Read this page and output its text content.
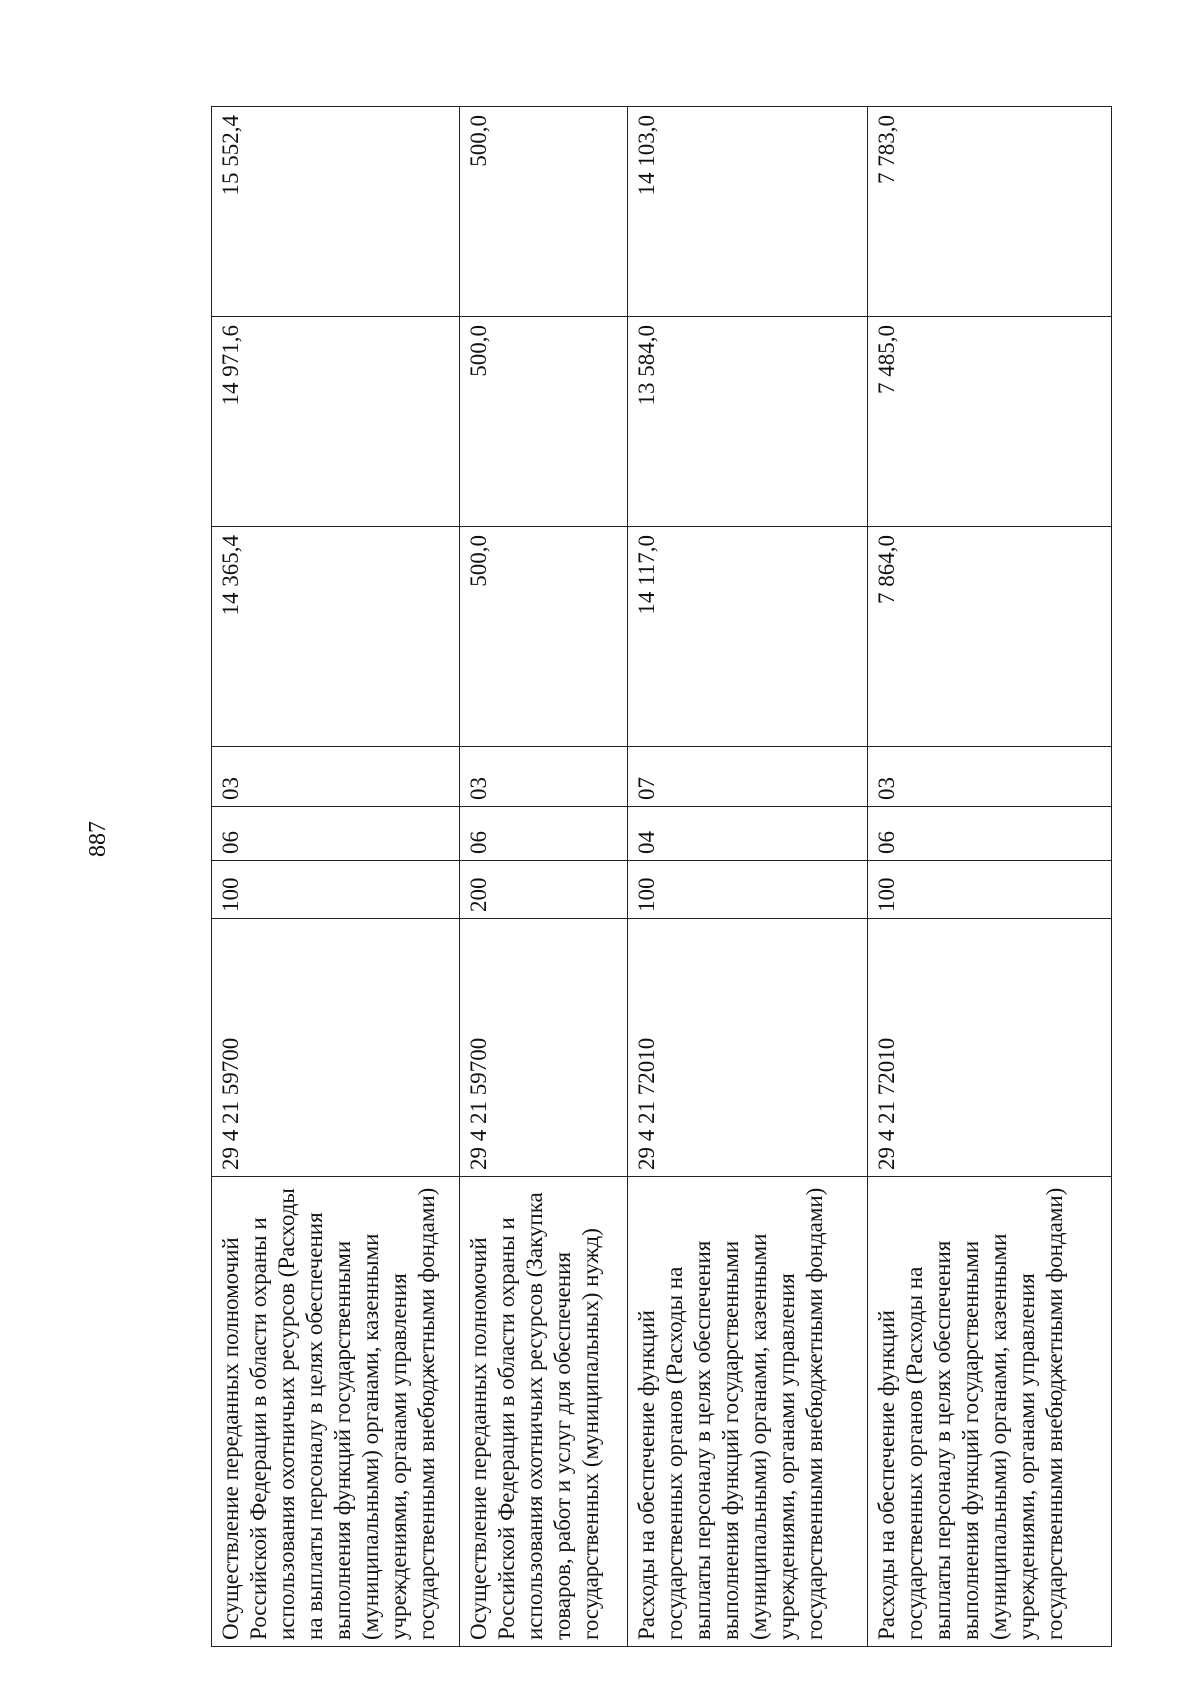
887
Осуществление переданных полномочий Российской Федерации в области охраны и использования охотничьих ресурсов (Расходы на выплаты персоналу в целях обеспечения выполнения функций государственными (муниципальными) органами, казенными учреждениями, органами управления государственными внебюджетными фондами)	29 4 21 59700	100	06	03	14 365,4	14 971,6	15 552,4
Осуществление переданных полномочий Российской Федерации в области охраны и использования охотничьих ресурсов (Закупка товаров, работ и услуг для обеспечения государственных (муниципальных) нужд)	29 4 21 59700	200	06	03	500,0	500,0	500,0
Расходы на обеспечение функций государственных органов (Расходы на выплаты персоналу в целях обеспечения выполнения функций государственными (муниципальными) органами, казенными учреждениями, органами управления государственными внебюджетными фондами)	29 4 21 72010	100	04	07	14 117,0	13 584,0	14 103,0
Расходы на обеспечение функций государственных органов (Расходы на выплаты персоналу в целях обеспечения выполнения функций государственными (муниципальными) органами, казенными учреждениями, органами управления государственными внебюджетными фондами)	29 4 21 72010	100	06	03	7 864,0	7 485,0	7 783,0
